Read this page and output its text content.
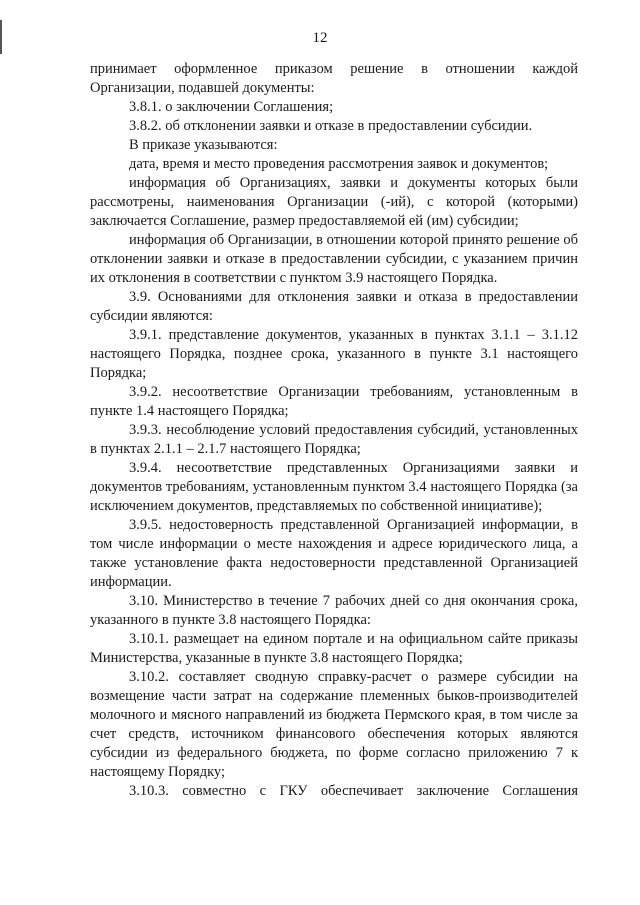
12

принимает оформленное приказом решение в отношении каждой Организации, подавшей документы:

3.8.1. о заключении Соглашения;

3.8.2. об отклонении заявки и отказе в предоставлении субсидии.

В приказе указываются:

дата, время и место проведения рассмотрения заявок и документов;

информация об Организациях, заявки и документы которых были рассмотрены, наименования Организации (-ий), с которой (которыми) заключается Соглашение, размер предоставляемой ей (им) субсидии;

информация об Организации, в отношении которой принято решение об отклонении заявки и отказе в предоставлении субсидии, с указанием причин их отклонения в соответствии с пунктом 3.9 настоящего Порядка.

3.9. Основаниями для отклонения заявки и отказа в предоставлении субсидии являются:

3.9.1. представление документов, указанных в пунктах 3.1.1 – 3.1.12 настоящего Порядка, позднее срока, указанного в пункте 3.1 настоящего Порядка;

3.9.2. несоответствие Организации требованиям, установленным в пункте 1.4 настоящего Порядка;

3.9.3. несоблюдение условий предоставления субсидий, установленных в пунктах 2.1.1 – 2.1.7 настоящего Порядка;

3.9.4. несоответствие представленных Организациями заявки и документов требованиям, установленным пунктом 3.4 настоящего Порядка (за исключением документов, представляемых по собственной инициативе);

3.9.5. недостоверность представленной Организацией информации, в том числе информации о месте нахождения и адресе юридического лица, а также установление факта недостоверности представленной Организацией информации.

3.10. Министерство в течение 7 рабочих дней со дня окончания срока, указанного в пункте 3.8 настоящего Порядка:

3.10.1. размещает на едином портале и на официальном сайте приказы Министерства, указанные в пункте 3.8 настоящего Порядка;

3.10.2. составляет сводную справку-расчет о размере субсидии на возмещение части затрат на содержание племенных быков-производителей молочного и мясного направлений из бюджета Пермского края, в том числе за счет средств, источником финансового обеспечения которых являются субсидии из федерального бюджета, по форме согласно приложению 7 к настоящему Порядку;

3.10.3. совместно с ГКУ обеспечивает заключение Соглашения
